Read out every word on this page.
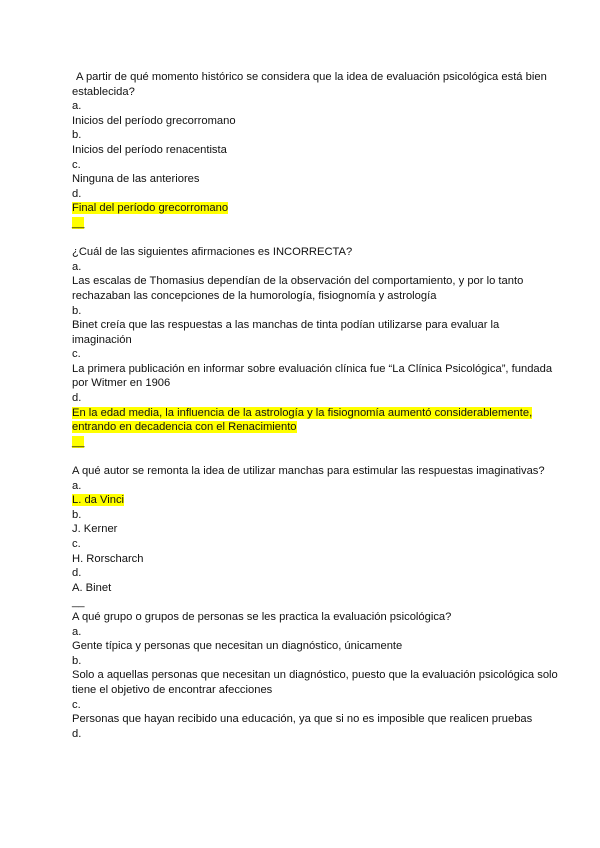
A partir de qué momento histórico se considera que la idea de evaluación psicológica está bien establecida?
a.
Inicios del período grecorromano
b.
Inicios del período renacentista
c.
Ninguna de las anteriores
d.
Final del período grecorromano
__
¿Cuál de las siguientes afirmaciones es INCORRECTA?
a.
Las escalas de Thomasius dependían de la observación del comportamiento, y por lo tanto rechazaban las concepciones de la humorología, fisiognomía y astrología
b.
Binet creía que las respuestas a las manchas de tinta podían utilizarse para evaluar la imaginación
c.
La primera publicación en informar sobre evaluación clínica fue “La Clínica Psicológica”, fundada por Witmer en 1906
d.
En la edad media, la influencia de la astrología y la fisiognomía aumentó considerablemente, entrando en decadencia con el Renacimiento
__
A qué autor se remonta la idea de utilizar manchas para estimular las respuestas imaginativas?
a.
L. da Vinci
b.
J. Kerner
c.
H. Rorscharch
d.
A. Binet
__
A qué grupo o grupos de personas se les practica la evaluación psicológica?
a.
Gente típica y personas que necesitan un diagnóstico, únicamente
b.
Solo a aquellas personas que necesitan un diagnóstico, puesto que la evaluación psicológica solo tiene el objetivo de encontrar afecciones
c.
Personas que hayan recibido una educación, ya que si no es imposible que realicen pruebas
d.
